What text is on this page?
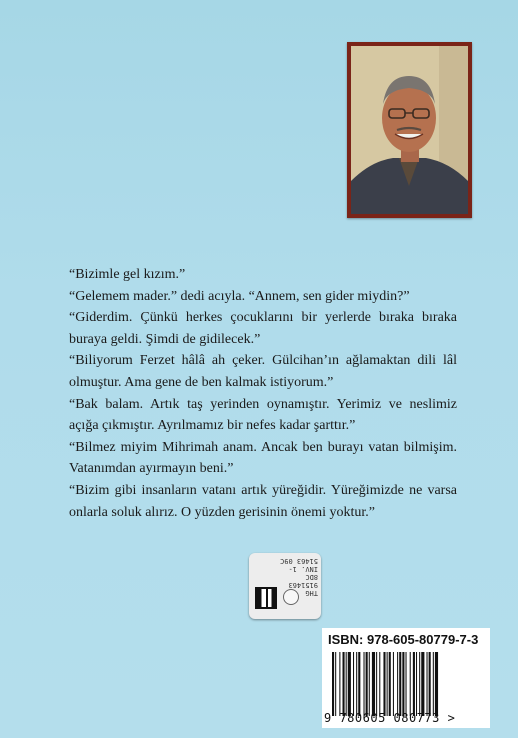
“Bizimle gel kızım.”

“Gelemem mader.” dedi acıyla. “Annem, sen gider miydin?”

“Giderdim. Çünkü herkes çocuklarını bir yerlerde bıraka bıraka buraya geldi. Şimdi de gidilecek.”

“Biliyorum Ferzet hâlâ ah çeker. Gülcihan’ın ağlamaktan dili lâl olmuştur. Ama gene de ben kalmak istiyorum.”

“Bak balam. Artık taş yerinden oynamıştır. Yerimiz ve neslimiz açığa çıkmıştır. Ayrılmamız bir nefes kadar şarttır.”

“Bilmez miyim Mihrimah anam. Ancak ben burayı vatan bilmişim. Vatanımdan ayırmayın beni.”

“Bizim gibi insanların vatanı artık yüreğidir. Yüreğimizde ne varsa onlarla soluk alırız. O yüzden gerisinin önemi yoktur.”

THG
9151463
8DC
INV. 1-51463 09C
ISBN: 978-605-80779-7-3
9 780605 080773 >
